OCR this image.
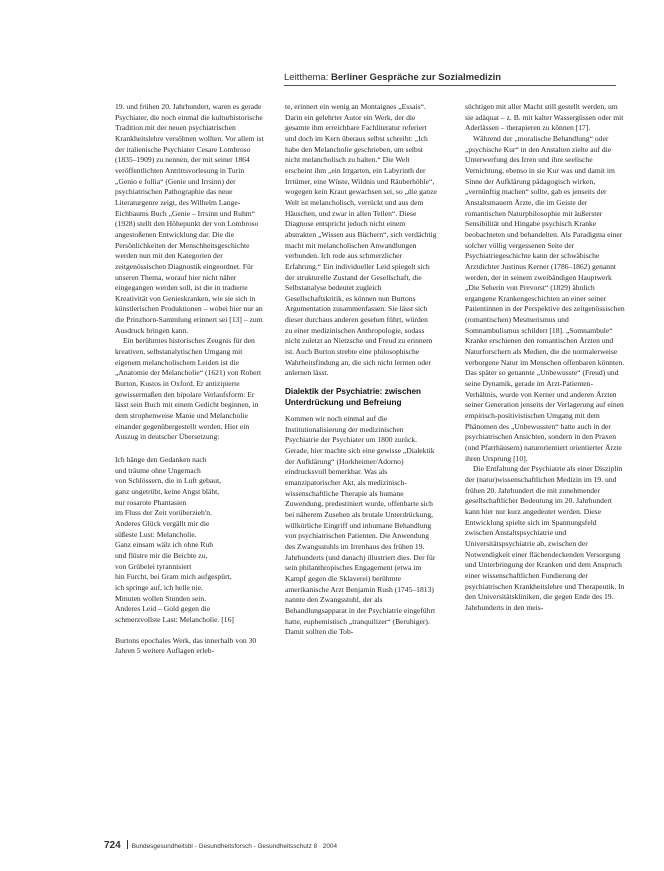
Leitthema: Berliner Gespräche zur Sozialmedizin

19. und frühen 20. Jahrhundert, waren es gerade Psychiater, die noch einmal die kulturhistorische Tradition mit der neuen psychiatrischen Krankheitslehre versöhnen wollten. Vor allem ist der italienische Psychiater Cesare Lombroso (1835–1909) zu nennen, der mit seiner 1864 veröffentlichten Antrittsvorlesung in Turin „Genio e follia“ (Genie und Irrsinn) der psychiatrischen Pathographie das neue Literaturgenre zeigt, des Wilhelm Lange-Eichbaums Buch „Genie – Irrsinn und Ruhm“ (1928) stellt den Höhepunkt der von Lombroso angestoßenen Entwicklung dar. Die die Persönlichkeiten der Menschheitsgeschichte werden nun mit den Kategorien der zeitgenössischen Diagnostik eingeordnet. Für unseren Thema, worauf hier nicht näher eingegangen werden soll, ist die in tradierte Kreativität von Genieskranken, wie sie sich in künstlerischen Produktionen – wobei hier nur an die Prinzhorn-Sammlung erinnert sei [13] – zum Ausdruck bringen kann.

Ein berühmtes historisches Zeugnis für den kreativen, selbstanalytischen Umgang mit eigenem melancholischem Leiden ist die „Anatomie der Melancholie“ (1621) von Robert Burton, Kustos in Oxford. Er antizipierte gewissermaßen den bipolare Verlaufsform: Er lässt sein Buch mit einem Gedicht beginnen, in dem strophenweise Manie und Melancholie einander gegenübergestellt werden. Hier ein Auszug in deutscher Übersetzung:

Ich hänge den Gedanken nach
und träume ohne Ungemach
von Schlössern, die in Luft gebaut,
ganz ungetrübt, keine Angst bläht,
nur rosarote Phantasien
im Fluss der Zeit vorüberzieh'n.
Anderes Glück vergällt mir die
süßeste Lust: Melancholie.
Ganz einsam wälz ich ohne Ruh
und flüstre mir die Beichte zu,
von Grübelei tyrannisiert
hin Furcht, bei Gram mich aufgespürt,
ich springe auf, ich helle nie.
Minuten wollen Stunden sein.
Anderes Leid – Gold gegen die
schmerzvollste Last: Melancholie. [16]

Burtons epochales Werk, das innerhalb von 30 Jahren 5 weitere Auflagen erleb-

te, erinnert ein wenig an Montaignes „Essais“. Darin ein gelehrter Autor ein Werk, der die gesamte ihm erreichbare Fachliteratur referiert und doch im Kern überaus selbst schreibt: „Ich habe den Melancholie geschrieben, um selbst nicht melancholisch zu halten.“ Die Welt erscheint ihm „ein Irrgarten, ein Labyrinth der Irrtümer, eine Wüste, Wildnis und Räuberhöhle“, wogegen kein Kraut gewachsen sei, so „die ganze Welt ist melancholisch, verrückt und aus dem Häuschen, und zwar in allen Teilen“. Diese Diagnose entspricht jedoch nicht einem abstrakten „Wissen aus Büchern“, sich verdächtig macht mit melancholischen Anwandlungen verbunden. Ich rede aus schmerzlicher Erfahrung.“ Ein individueller Leid spiegelt sich der strukturelle Zustand der Gesellschaft, die Selbstanalyse bedeutet zugleich Gesellschaftskritik, es können nun Burtons Argumentation zusammenfassen. Sie lässt sich dieser durchaus anderen gesehen führt, würden zu einer medizinischen Anthropologie, sodass nicht zuletzt an Nietzsche und Freud zu erinnern ist. Auch Burton strebte eine philosophische Wahrheitsfindung an, die sich nicht lernten oder anlernen lässt.

Dialektik der Psychiatrie: zwischen Unterdrückung und Befreiung

Kommen wir noch einmal auf die Institutionalisierung der medizinischen Psychiatrie der Psychiater um 1800 zurück. Gerade, hier machte sich eine gewisse „Dialektik der Aufklärung“ (Horkheimer/Adorno) eindrucksvoll bemerkbar. Was als emanzipatorischer Akt, als medizinisch-wissenschaftliche Therapie als humane Zuwendung, predestiniert wurde, offenbarte sich bei näherem Zusehen als brutale Unterdrückung, willkürliche Eingriff und inhumane Behandlung von psychiatrischen Patienten. Die Anwendung des Zwangsstuhls im Irrenhaus des frühen 19. Jahrhunderts (und danach) illustriert dies. Der für sein philanthropisches Engagement (etwa im Kampf gegen die Sklaverei) berühmte amerikanische Arzt Benjamin Rush (1745–1813) nannte den Zwangsstuhl, der als Behandlungsapparat in der Psychiatrie eingeführt hatte, euphemistisch „tranquilizer“ (Beruhiger). Damit sollten die Tob-

süchtigen mit aller Macht still gestellt werden, um sie adäquat – z. B. mit kalter Wassergüssen oder mit Aderlässen – therapieren zu können [17].

Während der „moralische Behandlung“ oder „psychische Kur“ in den Anstalten zielte auf die Unterwerfung des Irren und ihre seelische Vernichtung, ebenso in sie Kur was und damit im Sinne der Aufklärung pädagogisch wirken, „vernünftig machen“ sollte, gab es jenseits der Anstaltsmauern Ärzte, die im Geiste der romantischen Naturphilosophie mit äußerster Sensibilität und Hingabe psychisch Kranke beobachteten und behandelten. Als Paradigma einer solcher völlig vergessenen Seite der Psychiatriegeschichte kann der schwäbische Arztdichter Justinus Kerner (1786–1862) genannt werden, der in seinem zweibändigen Hauptwerk „Die Seherin von Prevorst“ (1829) ähnlich ergangene Krankengeschichten an einer seiner Patientinnen in der Perspektive des zeitgenössischen (romantischen) Mesmerismus und Somnambulismus schildert [18]. „Somnambule“ Kranke erschienen den romantischen Ärzten und Naturforschern als Medien, die die normalerweise verborgene Natur im Menschen offenbaren könnten. Das später so genannte „Unbewusste“ (Freud) und seine Dynamik, gerade im Arzt-Patienten-Verhältnis, wurde von Kerner und anderen Ärzten seiner Generation jenseits der Verlagerung auf einen empirisch-positivistischen Umgang mit dem Phänomen des „Unbewussten“ hatte auch in der psychiatrischen Ansichten, sondern in den Praxen (und Pfarrhäusern) naturorientiert orientierter Ärzte ihren Ursprung [10].

Die Entfaltung der Psychiatrie als einer Disziplin der (natur)wissenschaftlichen Medizin im 19. und frühen 20. Jahrhundert die mit zunehmender gesellschaftlicher Bedeutung im 20. Jahrhundert kann hier nur kurz angedeutet werden. Diese Entwicklung spielte sich im Spannungsfeld zwischen Anstaltspsychiatrie und Universitätspsychiatrie ab, zwischen der Notwendigkeit einer flächendeckenden Versorgung und Unterbringung der Kranken und dem Anspruch einer wissenschaftlichen Fundierung der psychiatrischen Krankheitslehre und Therapeutik. In den Universitätskliniken, die gegen Ende des 19. Jahrhunderts in den meis-

724 Bundesgesundheitsbl - Gesundheitsforsch - Gesundheitsschutz 8 · 2004
